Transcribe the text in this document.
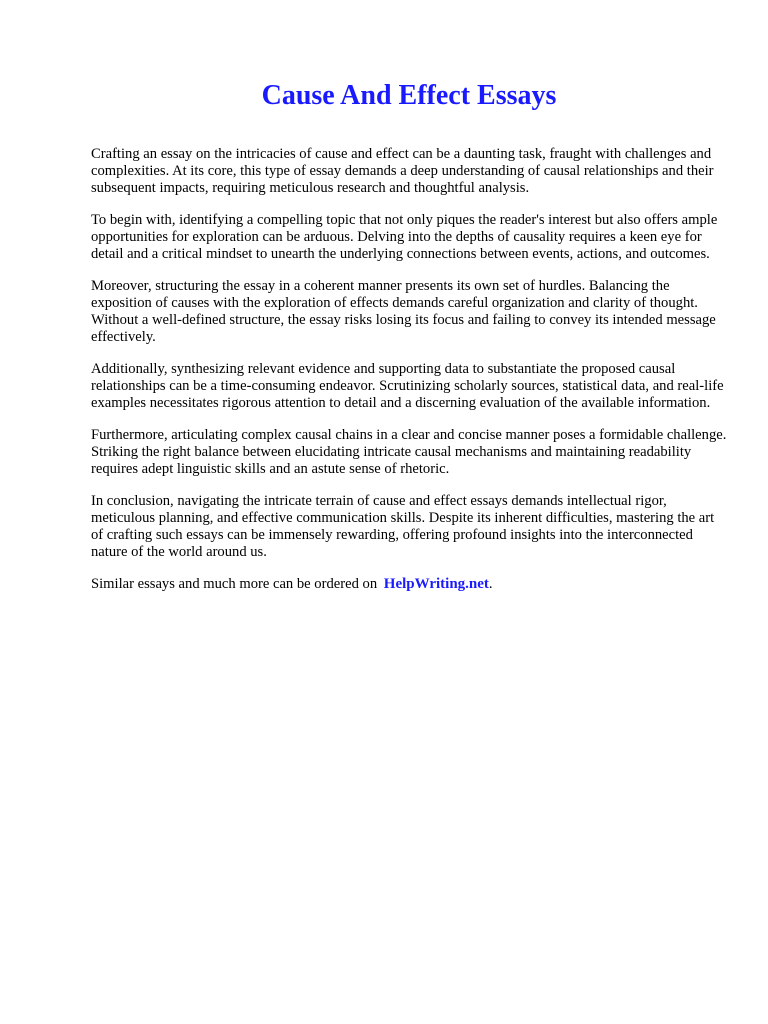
Cause And Effect Essays

Crafting an essay on the intricacies of cause and effect can be a daunting task, fraught with challenges and complexities. At its core, this type of essay demands a deep understanding of causal relationships and their subsequent impacts, requiring meticulous research and thoughtful analysis.

To begin with, identifying a compelling topic that not only piques the reader's interest but also offers ample opportunities for exploration can be arduous. Delving into the depths of causality requires a keen eye for detail and a critical mindset to unearth the underlying connections between events, actions, and outcomes.

Moreover, structuring the essay in a coherent manner presents its own set of hurdles. Balancing the exposition of causes with the exploration of effects demands careful organization and clarity of thought. Without a well-defined structure, the essay risks losing its focus and failing to convey its intended message effectively.

Additionally, synthesizing relevant evidence and supporting data to substantiate the proposed causal relationships can be a time-consuming endeavor. Scrutinizing scholarly sources, statistical data, and real-life examples necessitates rigorous attention to detail and a discerning evaluation of the available information.

Furthermore, articulating complex causal chains in a clear and concise manner poses a formidable challenge. Striking the right balance between elucidating intricate causal mechanisms and maintaining readability requires adept linguistic skills and an astute sense of rhetoric.

In conclusion, navigating the intricate terrain of cause and effect essays demands intellectual rigor, meticulous planning, and effective communication skills. Despite its inherent difficulties, mastering the art of crafting such essays can be immensely rewarding, offering profound insights into the interconnected nature of the world around us.

Similar essays and much more can be ordered on HelpWriting.net.
